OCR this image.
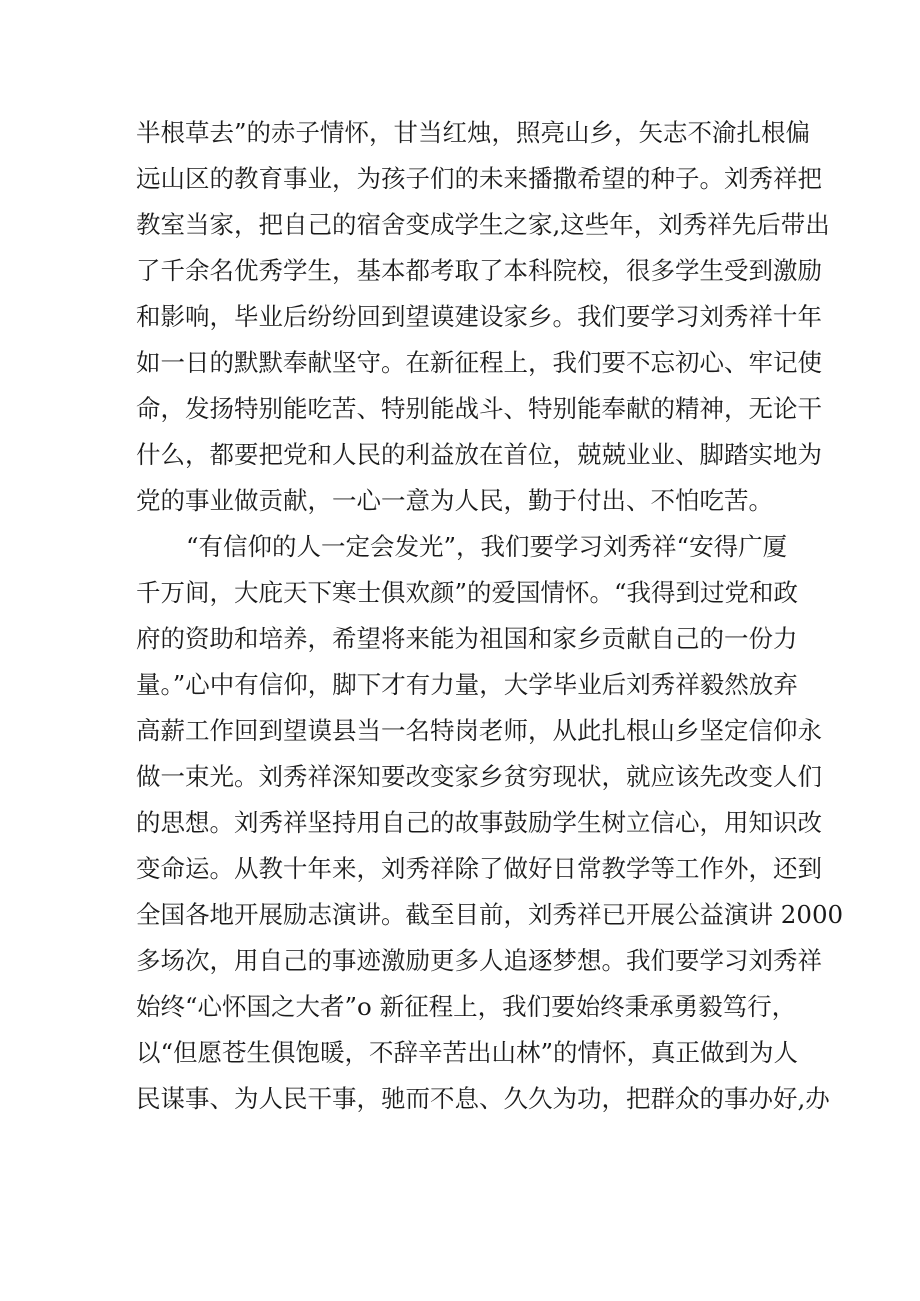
半根草去”的赤子情怀，甘当红烛，照亮山乡，矢志不渝扎根偏
远山区的教育事业，为孩子们的未来播撒希望的种子。刘秀祥把
教室当家，把自己的宿舍变成学生之家,这些年，刘秀祥先后带出
了千余名优秀学生，基本都考取了本科院校，很多学生受到激励
和影响，毕业后纷纷回到望谟建设家乡。我们要学习刘秀祥十年
如一日的默默奉献坚守。在新征程上，我们要不忘初心、牢记使
命，发扬特别能吃苦、特别能战斗、特别能奉献的精神，无论干
什么，都要把党和人民的利益放在首位，兢兢业业、脚踏实地为
党的事业做贡献，一心一意为人民，勤于付出、不怕吃苦。
“有信仰的人一定会发光”，我们要学习刘秀祥“安得广厦
千万间，大庇天下寒士俱欢颜”的爱国情怀。“我得到过党和政
府的资助和培养，希望将来能为祖国和家乡贡献自己的一份力
量。”心中有信仰，脚下才有力量，大学毕业后刘秀祥毅然放弃
高薪工作回到望谟县当一名特岗老师，从此扎根山乡坚定信仰永
做一束光。刘秀祥深知要改变家乡贫穷现状，就应该先改变人们
的思想。刘秀祥坚持用自己的故事鼓励学生树立信心，用知识改
变命运。从教十年来，刘秀祥除了做好日常教学等工作外，还到
全国各地开展励志演讲。截至目前，刘秀祥已开展公益演讲 2000
多场次，用自己的事迹激励更多人追逐梦想。我们要学习刘秀祥
始终“心怀国之大者”o 新征程上，我们要始终秉承勇毅笃行，
以“但愿苍生俱饱暖，不辞辛苦出山林”的情怀，真正做到为人
民谋事、为人民干事，驰而不息、久久为功，把群众的事办好,办
